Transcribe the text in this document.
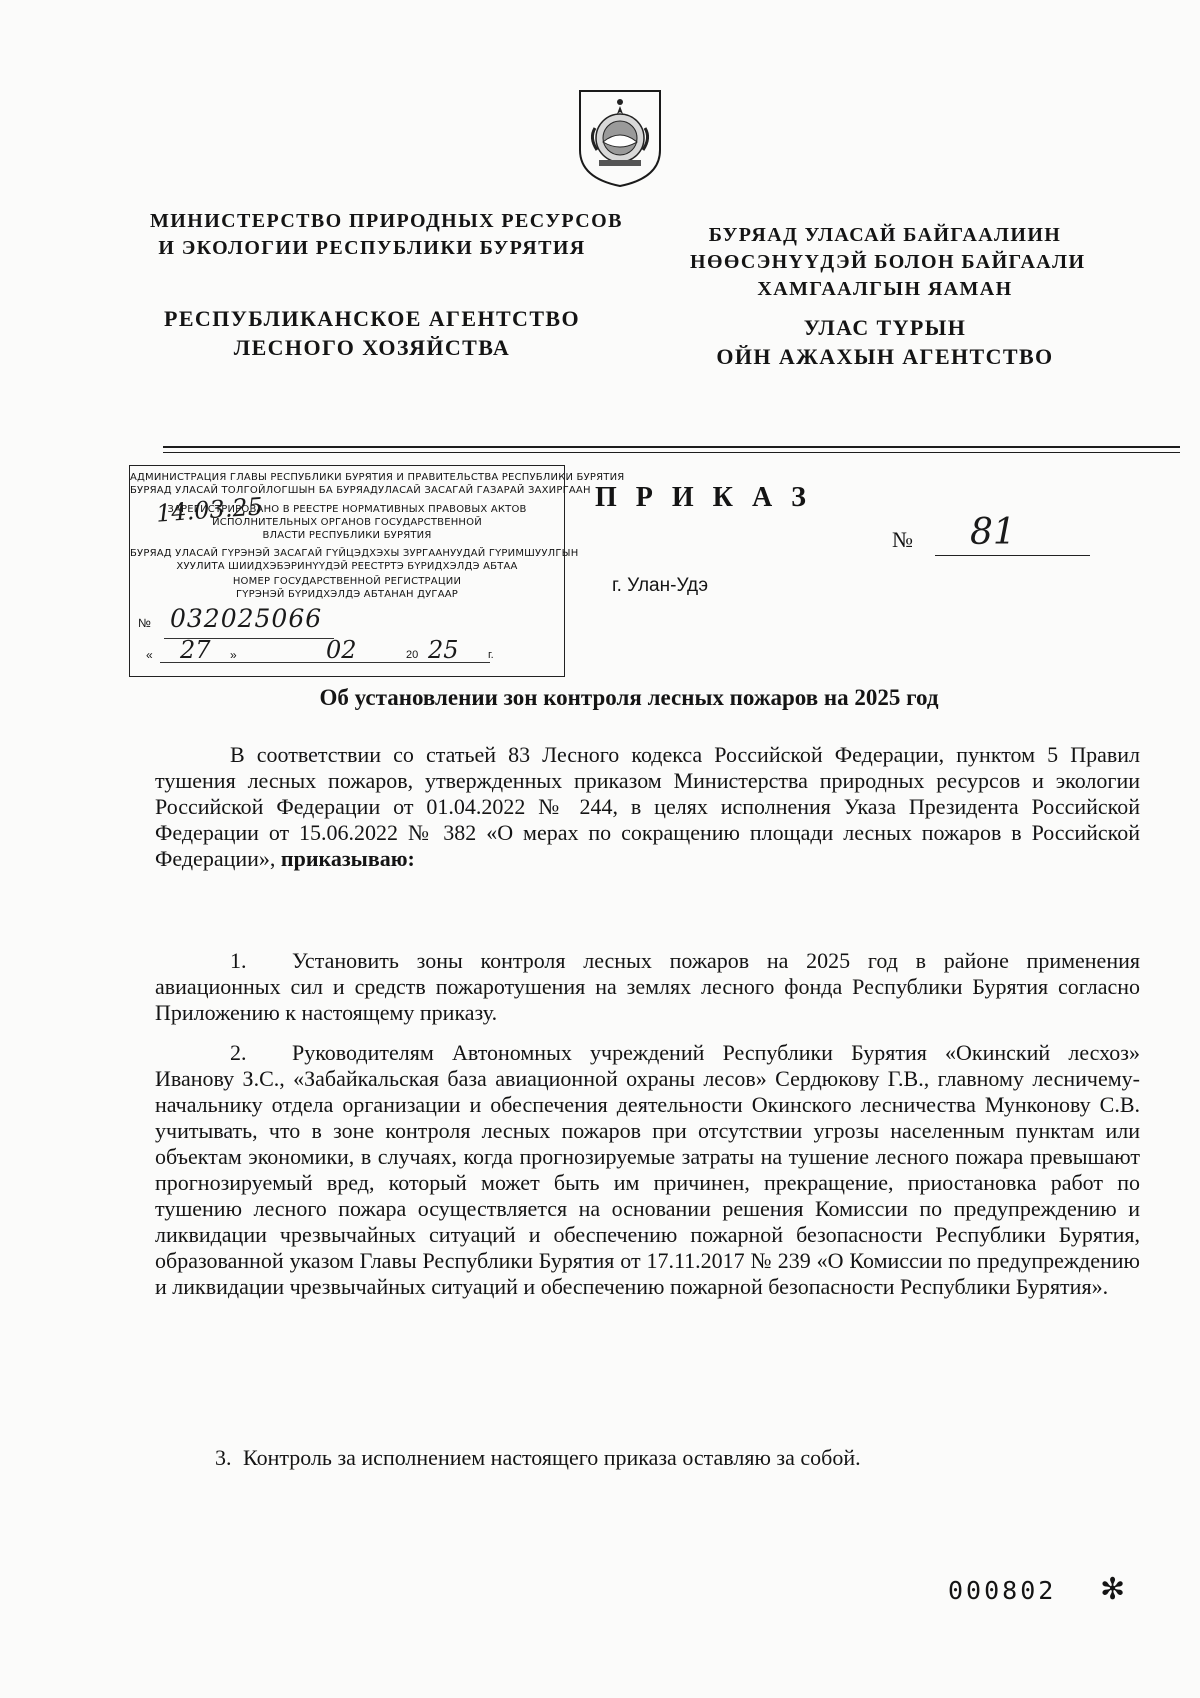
МИНИСТЕРСТВО ПРИРОДНЫХ РЕСУРСОВ
И ЭКОЛОГИИ РЕСПУБЛИКИ БУРЯТИЯ
РЕСПУБЛИКАНСКОЕ АГЕНТСТВО
ЛЕСНОГО ХОЗЯЙСТВА
БУРЯАД УЛАСАЙ БАЙГААЛИИН
НӨӨСЭНҮҮДЭЙ БОЛОН БАЙГААЛИ
ХАМГААЛГЫН ЯАМАН
УЛАС ТҮРЫН
ОЙН АЖАХЫН АГЕНТСТВО
АДМИНИСТРАЦИЯ ГЛАВЫ РЕСПУБЛИКИ БУРЯТИЯ И ПРАВИТЕЛЬСТВА РЕСПУБЛИКИ БУРЯТИЯ
БУРЯАД УЛАСАЙ ТОЛГОЙЛОГШЫН БА БУРЯАДУЛАСАЙ ЗАСАГАЙ ГАЗАРАЙ ЗАХИРГААН
ЗАРЕГИСТРИРОВАНО В РЕЕСТРЕ НОРМАТИВНЫХ ПРАВОВЫХ АКТОВ
ИСПОЛНИТЕЛЬНЫХ ОРГАНОВ ГОСУДАРСТВЕННОЙ
ВЛАСТИ РЕСПУБЛИКИ БУРЯТИЯ
БУРЯАД УЛАСАЙ ГҮРЭНЭЙ ЗАСАГАЙ ГҮЙЦЭДХЭХЫ ЗУРГААНУУДАЙ ГҮРИМШУУЛГЫН
ХУУЛИТА ШИИДХЭБЭРИНҮҮДЭЙ РЕЕСТРТЭ БҮРИДХЭЛДЭ АБТАА
НОМЕР ГОСУДАРСТВЕННОЙ РЕГИСТРАЦИИ
ГҮРЭНЭЙ БҮРИДХЭЛДЭ АБТАНАН ДУГААР
14.03.25
№ 032025066
« 27 »	02	20 25	г.
П Р И К А З
№ 81
г. Улан-Удэ
Об установлении зон контроля лесных пожаров на 2025 год
В соответствии со статьей 83 Лесного кодекса Российской Федерации, пунктом 5 Правил тушения лесных пожаров, утвержденных приказом Министерства природных ресурсов и экологии Российской Федерации от 01.04.2022 № 244, в целях исполнения Указа Президента Российской Федерации от 15.06.2022 № 382 «О мерах по сокращению площади лесных пожаров в Российской Федерации», приказываю:
1. Установить зоны контроля лесных пожаров на 2025 год в районе применения авиационных сил и средств пожаротушения на землях лесного фонда Республики Бурятия согласно Приложению к настоящему приказу.
2. Руководителям Автономных учреждений Республики Бурятия «Окинский лесхоз» Иванову З.С., «Забайкальская база авиационной охраны лесов» Сердюкову Г.В., главному лесничему-начальнику отдела организации и обеспечения деятельности Окинского лесничества Мунконову С.В. учитывать, что в зоне контроля лесных пожаров при отсутствии угрозы населенным пунктам или объектам экономики, в случаях, когда прогнозируемые затраты на тушение лесного пожара превышают прогнозируемый вред, который может быть им причинен, прекращение, приостановка работ по тушению лесного пожара осуществляется на основании решения Комиссии по предупреждению и ликвидации чрезвычайных ситуаций и обеспечению пожарной безопасности Республики Бурятия, образованной указом Главы Республики Бурятия от 17.11.2017 № 239 «О Комиссии по предупреждению и ликвидации чрезвычайных ситуаций и обеспечению пожарной безопасности Республики Бурятия».
3. Контроль за исполнением настоящего приказа оставляю за собой.
000802 ✻
